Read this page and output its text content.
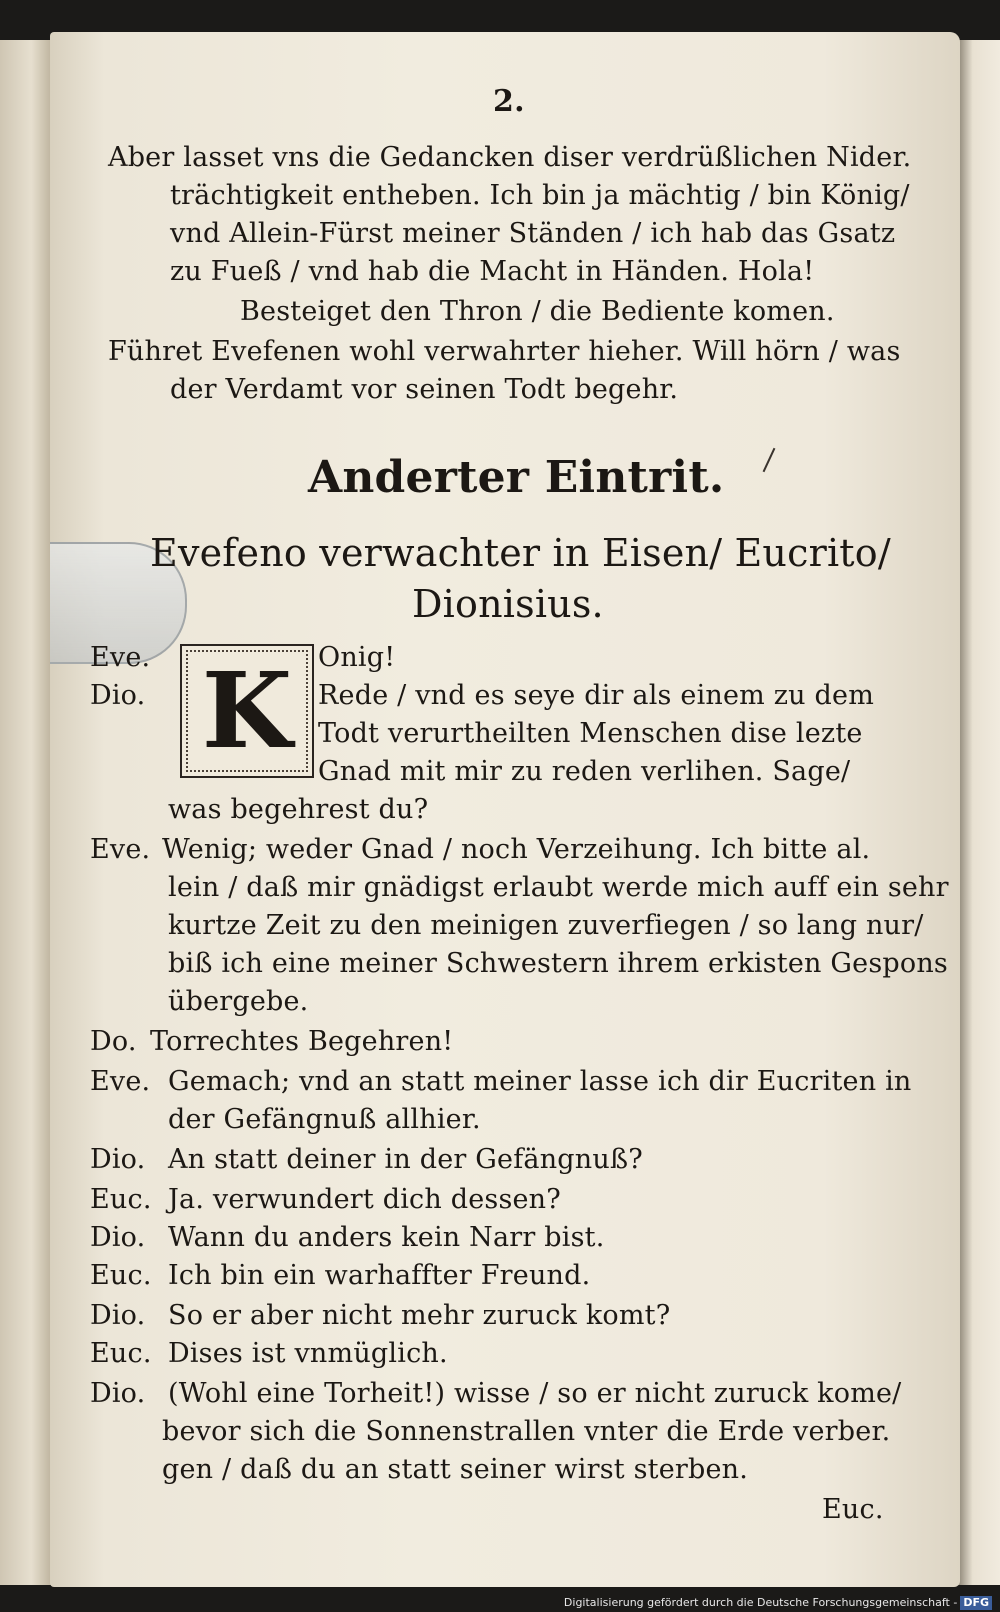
2.
Aber lasset vns die Gedancken diser verdrüßlichen Nider.
trächtigkeit entheben. Ich bin ja mächtig / bin König/
vnd Allein-Fürst meiner Ständen / ich hab das Gsatz
zu Fueß / vnd hab die Macht in Händen. Hola!
Besteiget den Thron / die Bediente komen.
Führet Evefenen wohl verwahrter hieher. Will hörn / was
der Verdamt vor seinen Todt begehr.
Anderter Eintrit.
Evefeno verwachter in Eisen/ Eucrito/
Dionisius.
K
Eve.	Onig!
Dio.	Rede / vnd es seye dir als einem zu dem
Todt verurtheilten Menschen dise lezte
Gnad mit mir zu reden verlihen. Sage/
was begehrest du?
Eve. Wenig; weder Gnad / noch Verzeihung. Ich bitte al.
lein / daß mir gnädigst erlaubt werde mich auff ein sehr
kurtze Zeit zu den meinigen zuverfiegen / so lang nur/
biß ich eine meiner Schwestern ihrem erkisten Gespons
übergebe.
Do. Torrechtes Begehren!
Eve. Gemach; vnd an statt meiner lasse ich dir Eucriten in
der Gefängnuß allhier.
Dio. An statt deiner in der Gefängnuß?
Euc. Ja. verwundert dich dessen?
Dio. Wann du anders kein Narr bist.
Euc. Ich bin ein warhaffter Freund.
Dio. So er aber nicht mehr zuruck komt?
Euc. Dises ist vnmüglich.
Dio. (Wohl eine Torheit!) wisse / so er nicht zuruck kome/
bevor sich die Sonnenstrallen vnter die Erde verber.
gen / daß du an statt seiner wirst sterben.
Euc.
Digitalisierung gefördert durch die Deutsche Forschungsgemeinschaft - DFG
